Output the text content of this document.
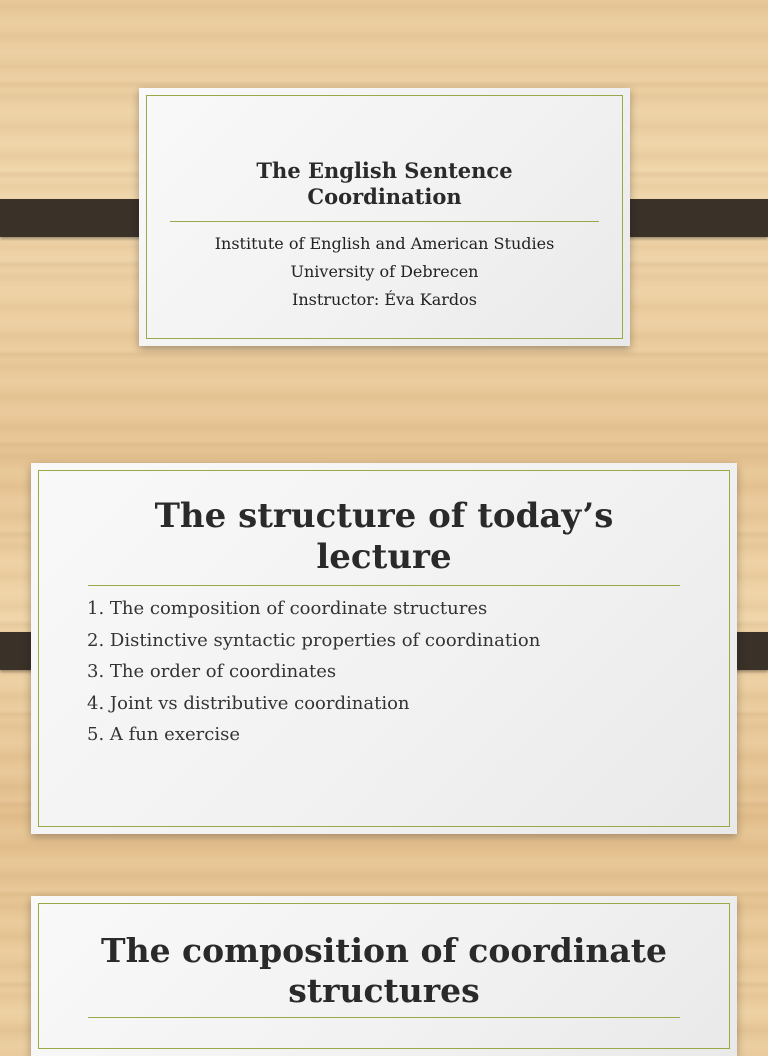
The English Sentence
Coordination
Institute of English and American Studies
University of Debrecen
Instructor: Éva Kardos
The structure of today’s
lecture
1. The composition of coordinate structures
2. Distinctive syntactic properties of coordination
3. The order of coordinates
4. Joint vs distributive coordination
5. A fun exercise
The composition of coordinate
structures
